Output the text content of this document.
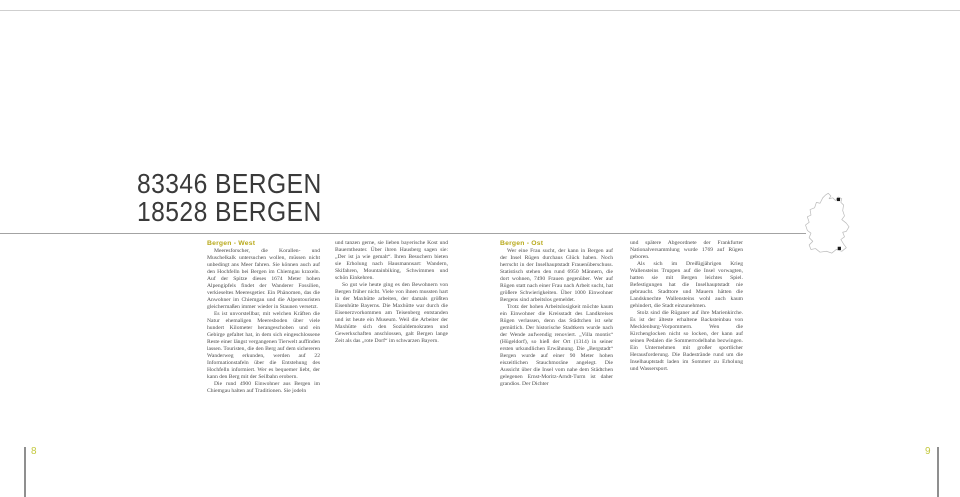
83346 BERGEN
18528 BERGEN

Bergen - West

Meeresforscher, die Korallen- und Muschelkalk untersuchen wollen, müssen nicht unbedingt ans Meer fahren. Sie können auch auf den Hochfelln bei Bergen im Chiemgau kraxeln. Auf der Spitze dieses 1674 Meter hohen Alpengipfels findet der Wanderer Fossilien, verkieseltes Meeresgetier. Ein Phänomen, das die Anwohner im Chiemgau und die Alpentouristen gleichermaßen immer wieder in Staunen versetzt.

Es ist unvorstellbar, mit welchen Kräften die Natur ehemaligen Meeresboden über viele hundert Kilometer herangeschoben und ein Gebirge gefaltet hat, in dem sich eingeschlossene Reste einer längst vergangenen Tierwelt auffinden lassen. Touristen, die den Berg auf dem sichereren Wanderweg erkunden, werden auf 22 Informationstafeln über die Entstehung des Hochfelln informiert. Wer es bequemer liebt, der kann den Berg mit der Seilbahn erobern.

Die rund 4900 Einwohner aus Bergen im Chiemgau halten auf Traditionen. Sie jodeln

und tanzen gerne, sie lieben bayerische Kost und Bauerntheater. Über ihren Hausberg sagen sie: „Der ist ja wie gemalt“. Ihren Besuchern bieten sie Erholung nach Hausmannsart: Wandern, Skifahren, Mountainbiking, Schwimmen und schön Einkehren.

So gut wie heute ging es den Bewohnern von Bergen früher nicht. Viele von ihnen mussten hart in der Maxhütte arbeiten, der damals größten Eisenhütte Bayerns. Die Maxhütte war durch die Eisenerzvorkommen am Teisenberg entstanden und ist heute ein Museum. Weil die Arbeiter der Maxhütte sich den Sozialdemokraten und Gewerkschaften anschlossen, galt Bergen lange Zeit als das „rote Dorf“ im schwarzen Bayern.

Bergen - Ost

Wer eine Frau sucht, der kann in Bergen auf der Insel Rügen durchaus Glück haben. Noch herrscht in der Inselhauptstadt Frauenüberschuss. Statistisch stehen den rund 6950 Männern, die dort wohnen, 7490 Frauen gegenüber. Wer auf Rügen statt nach einer Frau nach Arbeit sucht, hat größere Schwierigkeiten. Über 1000 Einwohner Bergens sind arbeitslos gemeldet.

Trotz der hohen Arbeitslosigkeit möchte kaum ein Einwohner die Kreisstadt des Landkreises Rügen verlassen, denn das Städtchen ist sehr gemütlich. Der historische Stadtkern wurde nach der Wende aufwendig renoviert. „Villa montis“ (Hügeldorf), so hieß der Ort (1314) in seiner ersten urkundlichen Erwähnung. Die „Bergstadt“ Bergen wurde auf einer 90 Meter hohen eiszeitlichen Stauchmoräne angelegt. Die Aussicht über die Insel vom nahe dem Städtchen gelegenen Ernst-Moritz-Arndt-Turm ist daher grandios. Der Dichter

und spätere Abgeordnete der Frankfurter Nationalversammlung wurde 1769 auf Rügen geboren.

Als sich im Dreißigjährigen Krieg Wallensteins Truppen auf die Insel vorwagten, hatten sie mit Bergen leichtes Spiel. Befestigungen hat die Inselhauptstadt nie gebraucht. Stadttore und Mauern hätten die Landsknechte Wallensteins wohl auch kaum gehindert, die Stadt einzunehmen.

Stolz sind die Rüganer auf ihre Marienkirche. Es ist der älteste erhaltene Backsteinbau von Mecklenburg-Vorpommern. Wen die Kirchenglocken nicht so locken, der kann auf seinen Pedalen die Sommerrodelbahn bezwingen. Ein Unternehmen mit großer sportlicher Herausforderung. Die Badestrände rund um die Inselhauptstadt laden im Sommer zu Erholung und Wassersport.

8	9
